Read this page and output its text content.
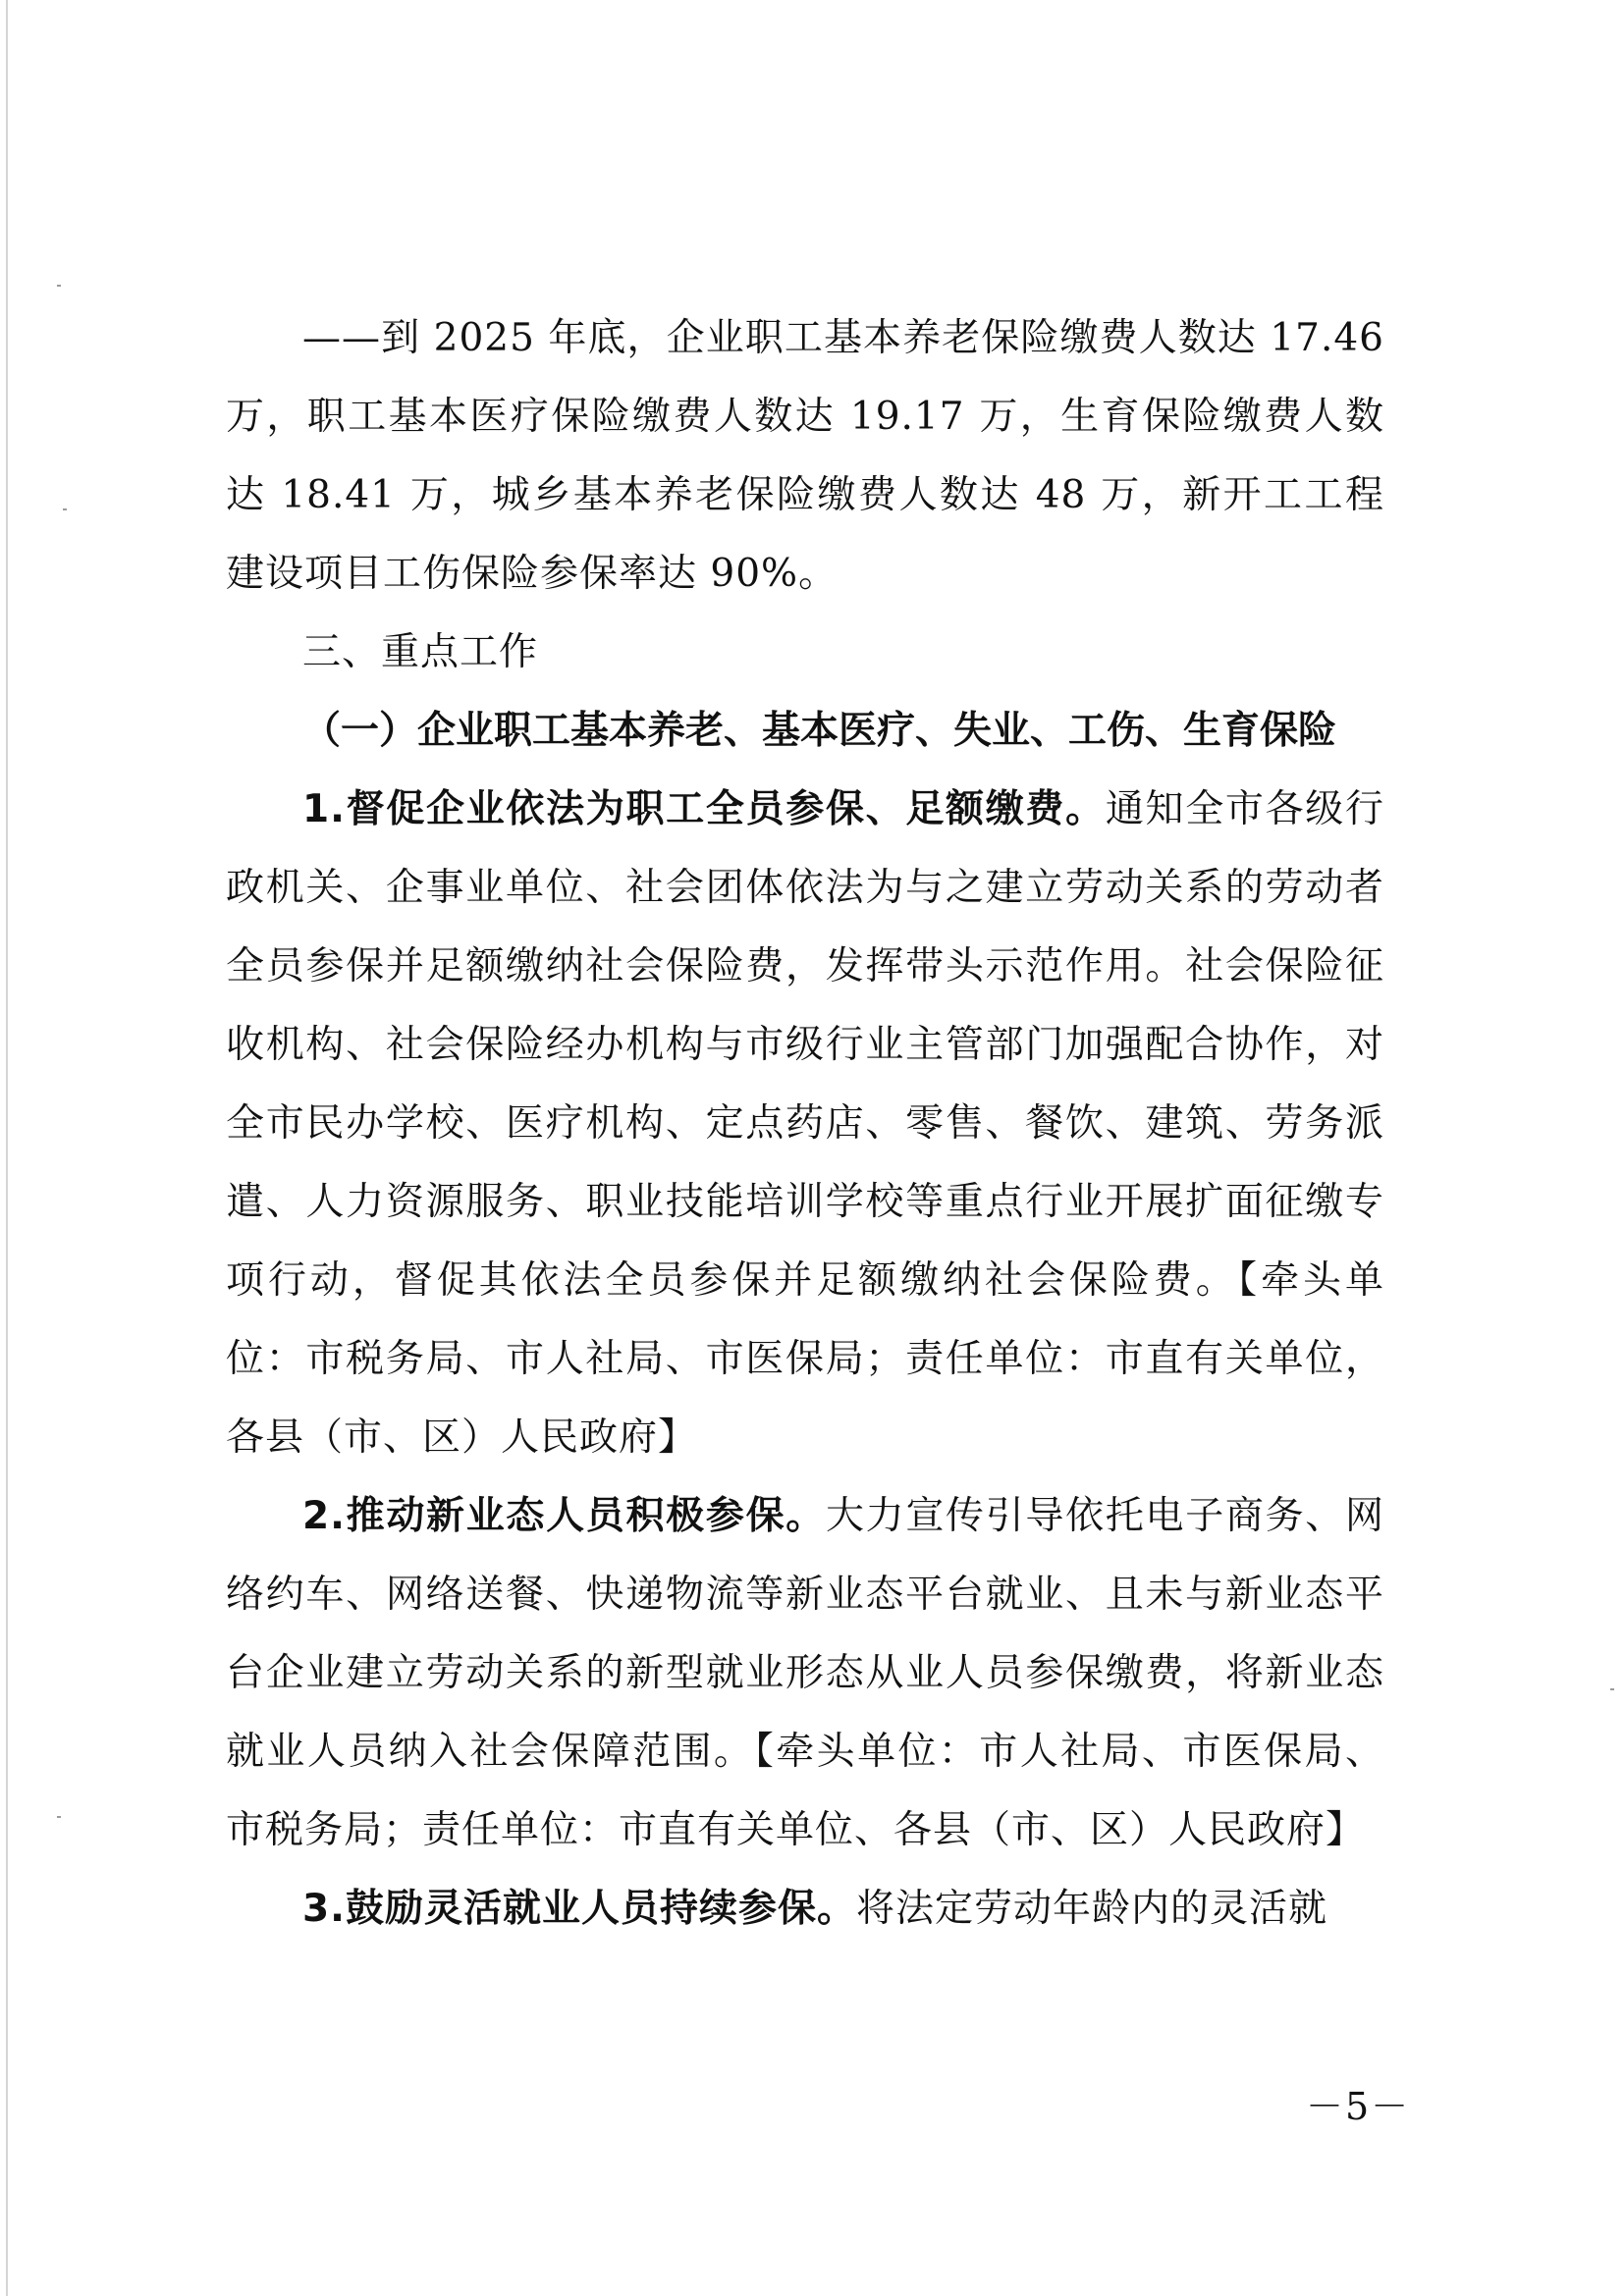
——到 2025 年底，企业职工基本养老保险缴费人数达 17.46 万，职工基本医疗保险缴费人数达 19.17 万，生育保险缴费人数达 18.41 万，城乡基本养老保险缴费人数达 48 万，新开工工程建设项目工伤保险参保率达 90%。

三、重点工作

（一）企业职工基本养老、基本医疗、失业、工伤、生育保险

1.督促企业依法为职工全员参保、足额缴费。通知全市各级行政机关、企事业单位、社会团体依法为与之建立劳动关系的劳动者全员参保并足额缴纳社会保险费，发挥带头示范作用。社会保险征收机构、社会保险经办机构与市级行业主管部门加强配合协作，对全市民办学校、医疗机构、定点药店、零售、餐饮、建筑、劳务派遣、人力资源服务、职业技能培训学校等重点行业开展扩面征缴专项行动，督促其依法全员参保并足额缴纳社会保险费。【牵头单位：市税务局、市人社局、市医保局；责任单位：市直有关单位，各县（市、区）人民政府】

2.推动新业态人员积极参保。大力宣传引导依托电子商务、网络约车、网络送餐、快递物流等新业态平台就业、且未与新业态平台企业建立劳动关系的新型就业形态从业人员参保缴费，将新业态就业人员纳入社会保障范围。【牵头单位：市人社局、市医保局、市税务局；责任单位：市直有关单位、各县（市、区）人民政府】

3.鼓励灵活就业人员持续参保。将法定劳动年龄内的灵活就

－5－
